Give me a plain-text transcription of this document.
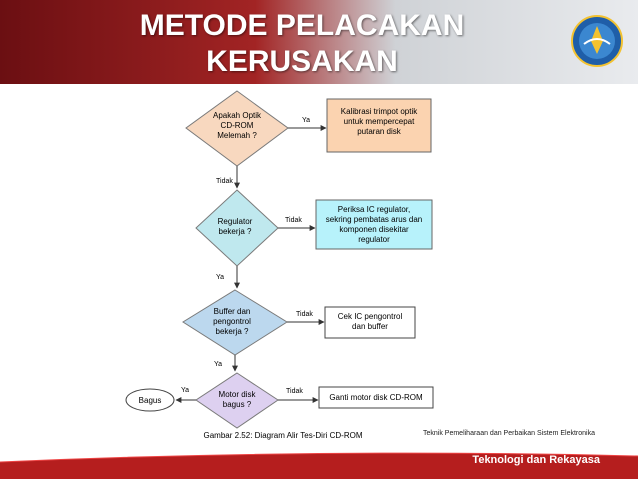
METODE PELACAKAN
KERUSAKAN
Apakah Optik
CD-ROM
Melemah ?
Ya
Kalibrasi trimpot optik
untuk mempercepat
putaran disk
Tidak
Regulator
bekerja ?
Tidak
Periksa IC regulator,
sekring pembatas arus dan
komponen disekitar
regulator
Ya
Buffer dan
pengontrol
bekerja ?
Tidak	Cek IC pengontrol
dan buffer
Ya
Motor disk
bagus ?
Tidak
Ganti motor disk CD-ROM
Ya
Bagus
Gambar 2.52: Diagram Alir Tes-Diri CD-ROM	Teknik Pemeliharaan dan Perbaikan Sistem Elektronika
Teknologi dan Rekayasa
